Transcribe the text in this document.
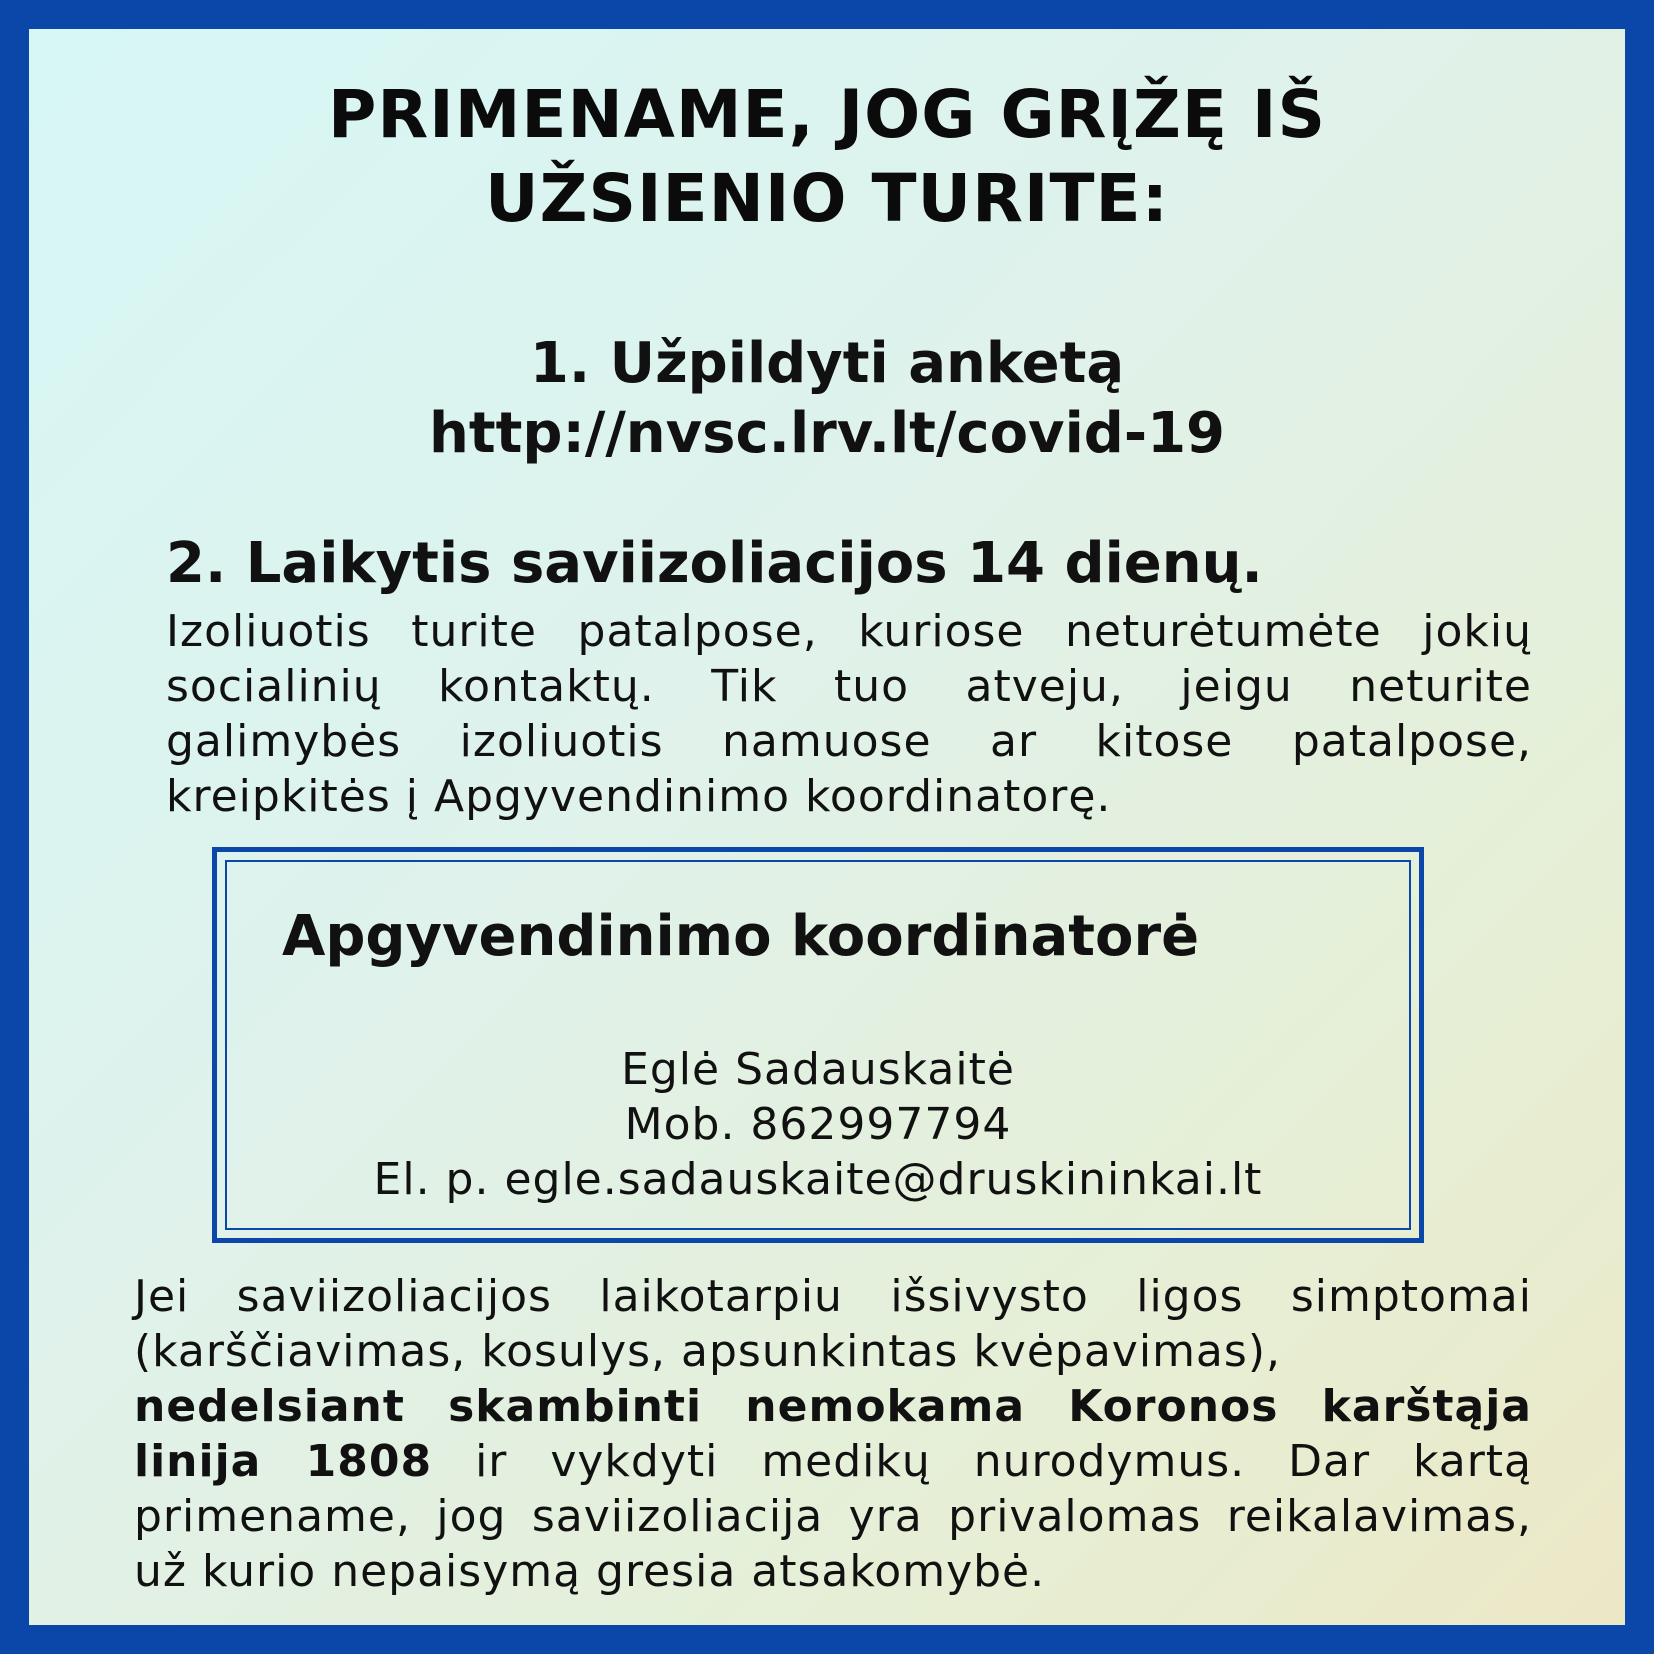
PRIMENAME, JOG GRĮŽĘ IŠ
UŽSIENIO TURITE:
1. Užpildyti anketą
http://nvsc.lrv.lt/covid-19
2. Laikytis saviizoliacijos 14 dienų.
Izoliuotis turite patalpose, kuriose neturėtumėte jokių socialinių kontaktų. Tik tuo atveju, jeigu neturite galimybės izoliuotis namuose ar kitose patalpose, kreipkitės į Apgyvendinimo koordinatorę.
Apgyvendinimo koordinatorė
Eglė Sadauskaitė
Mob. 862997794
El. p. egle.sadauskaite@druskininkai.lt
Jei saviizoliacijos laikotarpiu išsivysto ligos simptomai
(karščiavimas, kosulys, apsunkintas kvėpavimas),
nedelsiant skambinti nemokama Koronos karštąja linija 1808 ir vykdyti medikų nurodymus. Dar kartą primename, jog saviizoliacija yra privalomas reikalavimas, už kurio nepaisymą gresia atsakomybė.
